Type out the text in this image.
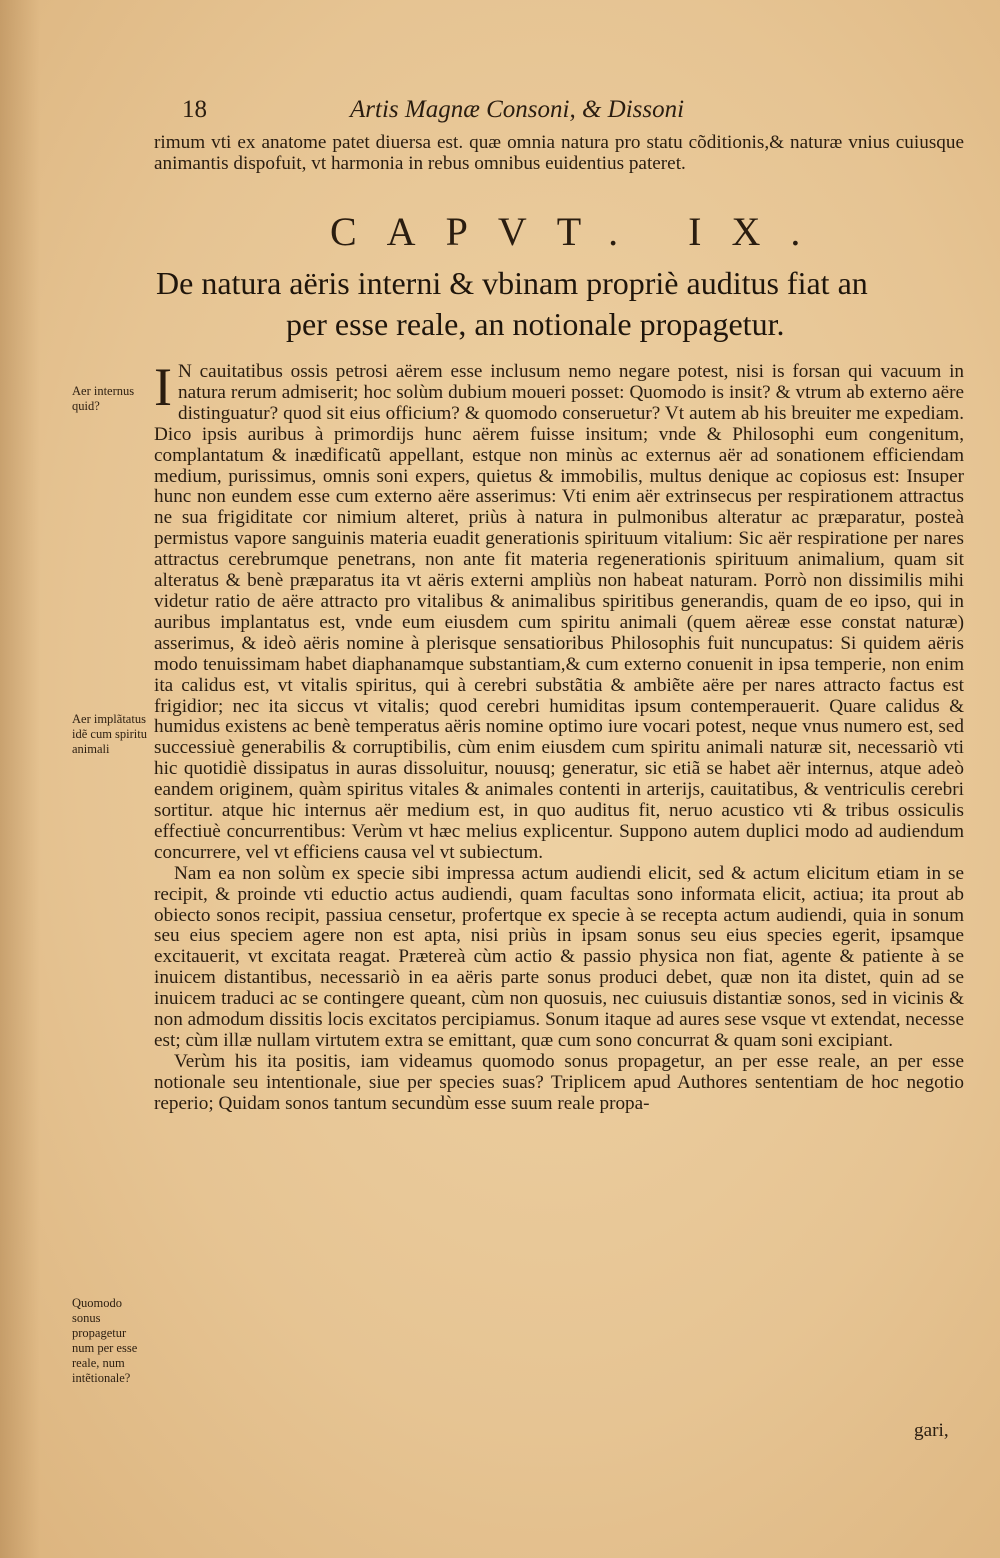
18	Artis Magnæ Consoni, & Dissoni
CAPVT. IX.
De natura aëris interni & vbinam propriè auditus fiat an
per esse reale, an notionale propagetur.
Aer internus quid?
Aer implãtatus idẽ cum spiritu animali
Quomodo sonus propagetur num per esse reale, num intẽtionale?

rimum vti ex anatome patet diuersa est. quæ omnia natura pro statu cõditionis,& naturæ vnius cuiusque animantis dispofuit, vt harmonia in rebus omnibus euidentius pateret.

I N cauitatibus ossis petrosi aërem esse inclusum nemo negare potest, nisi is forsan qui vacuum in natura rerum admiserit; hoc solùm dubium moueri posset: Quomodo is insit? & vtrum ab externo aëre distinguatur? quod sit eius officium? & quomodo conseruetur? Vt autem ab his breuiter me expediam. Dico ipsis auribus à primordijs hunc aërem fuisse insitum; vnde & Philosophi eum congenitum, complantatum & inædificatũ appellant, estque non minùs ac externus aër ad sonationem efficiendam medium, purissimus, omnis soni expers, quietus & immobilis, multus denique ac copiosus est: Insuper hunc non eundem esse cum externo aëre asserimus: Vti enim aër extrinsecus per respirationem attractus ne sua frigiditate cor nimium alteret, priùs à natura in pulmonibus alteratur ac præparatur, posteà permistus vapore sanguinis materia euadit generationis spirituum vitalium: Sic aër respiratione per nares attractus cerebrumque penetrans, non ante fit materia regenerationis spirituum animalium, quam sit alteratus & benè præparatus ita vt aëris externi ampliùs non habeat naturam. Porrò non dissimilis mihi videtur ratio de aëre attracto pro vitalibus & animalibus spiritibus generandis, quam de eo ipso, qui in auribus implantatus est, vnde eum eiusdem cum spiritu animali (quem aëreæ esse constat naturæ) asserimus, & ideò aëris nomine à plerisque sensatioribus Philosophis fuit nuncupatus: Si quidem aëris modo tenuissimam habet diaphanamque substantiam,& cum externo conuenit in ipsa temperie, non enim ita calidus est, vt vitalis spiritus, qui à cerebri substãtia & ambiẽte aëre per nares attracto factus est frigidior; nec ita siccus vt vitalis; quod cerebri humiditas ipsum contemperauerit. Quare calidus & humidus existens ac benè temperatus aëris nomine optimo iure vocari potest, neque vnus numero est, sed successiuè generabilis & corruptibilis, cùm enim eiusdem cum spiritu animali naturæ sit, necessariò vti hic quotidiè dissipatus in auras dissoluitur, nouusq; generatur, sic etiã se habet aër internus, atque adeò eandem originem, quàm spiritus vitales & animales contenti in arterijs, cauitatibus, & ventriculis cerebri sortitur. atque hic internus aër medium est, in quo auditus fit, neruo acustico vti & tribus ossiculis effectiuè concurrentibus: Verùm vt hæc melius explicentur. Suppono autem duplici modo ad audiendum concurrere, vel vt efficiens causa vel vt subiectum.

Nam ea non solùm ex specie sibi impressa actum audiendi elicit, sed & actum elicitum etiam in se recipit, & proinde vti eductio actus audiendi, quam facultas sono informata elicit, actiua; ita prout ab obiecto sonos recipit, passiua censetur, profertque ex specie à se recepta actum audiendi, quia in sonum seu eius speciem agere non est apta, nisi priùs in ipsam sonus seu eius species egerit, ipsamque excitauerit, vt excitata reagat. Prætereà cùm actio & passio physica non fiat, agente & patiente à se inuicem distantibus, necessariò in ea aëris parte sonus produci debet, quæ non ita distet, quin ad se inuicem traduci ac se contingere queant, cùm non quosuis, nec cuiusuis distantiæ sonos, sed in vicinis & non admodum dissitis locis excitatos percipiamus. Sonum itaque ad aures sese vsque vt extendat, necesse est; cùm illæ nullam virtutem extra se emittant, quæ cum sono concurrat & quam soni excipiant.

Verùm his ita positis, iam videamus quomodo sonus propagetur, an per esse reale, an per esse notionale seu intentionale, siue per species suas? Triplicem apud Authores sententiam de hoc negotio reperio; Quidam sonos tantum secundùm esse suum reale propa-

gari,
